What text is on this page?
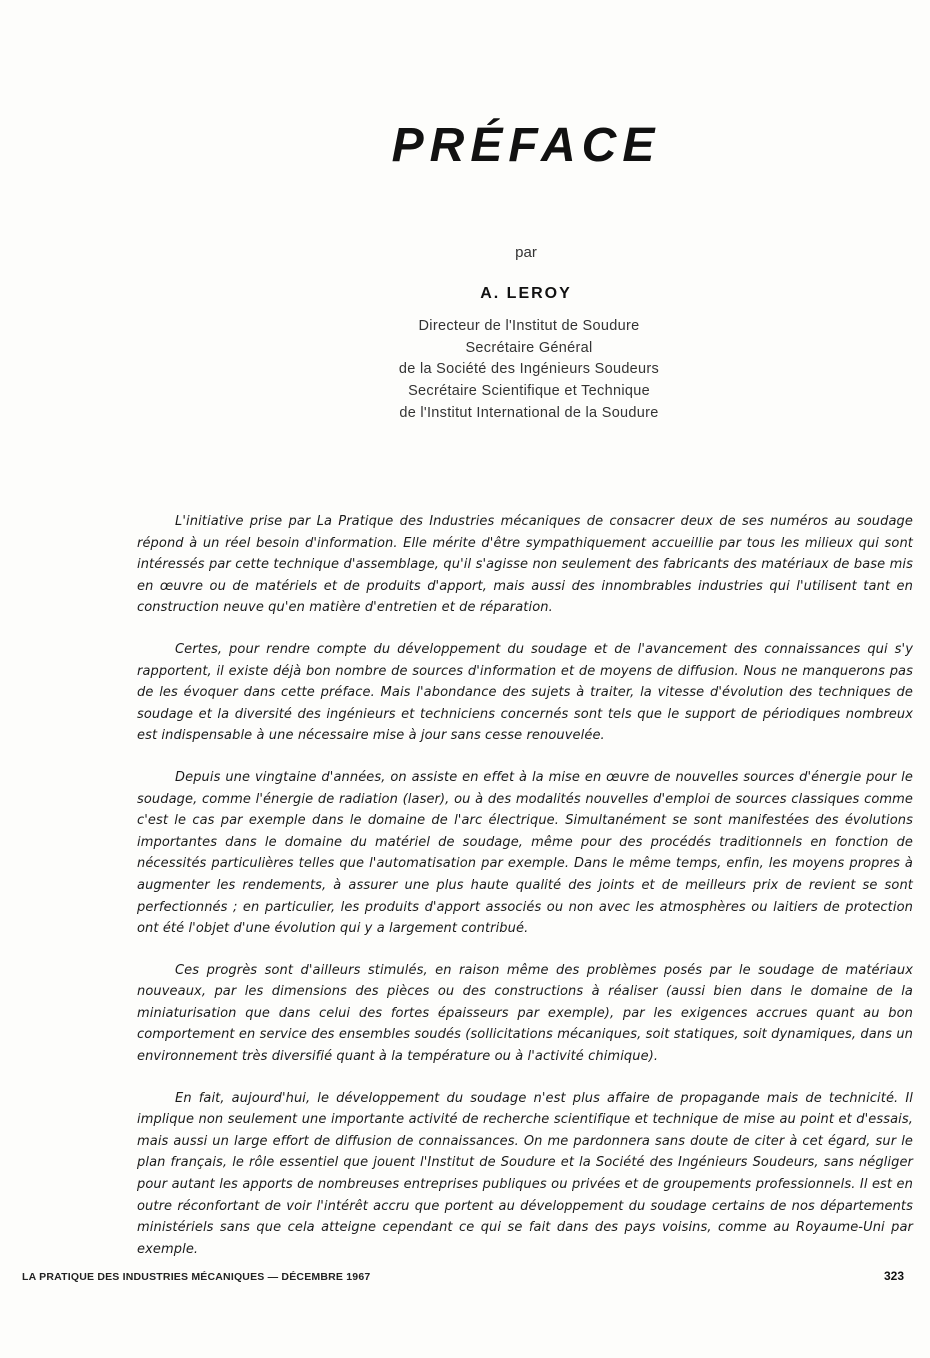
PRÉFACE
par
A. LEROY
Directeur de l'Institut de Soudure
Secrétaire Général
de la Société des Ingénieurs Soudeurs
Secrétaire Scientifique et Technique
de l'Institut International de la Soudure

L'initiative prise par La Pratique des Industries mécaniques de consacrer deux de ses numéros au soudage répond à un réel besoin d'information. Elle mérite d'être sympathiquement accueillie par tous les milieux qui sont intéressés par cette technique d'assemblage, qu'il s'agisse non seulement des fabricants des matériaux de base mis en œuvre ou de matériels et de produits d'apport, mais aussi des innombrables industries qui l'utilisent tant en construction neuve qu'en matière d'entretien et de réparation.

Certes, pour rendre compte du développement du soudage et de l'avancement des connaissances qui s'y rapportent, il existe déjà bon nombre de sources d'information et de moyens de diffusion. Nous ne manquerons pas de les évoquer dans cette préface. Mais l'abondance des sujets à traiter, la vitesse d'évolution des techniques de soudage et la diversité des ingénieurs et techniciens concernés sont tels que le support de périodiques nombreux est indispensable à une nécessaire mise à jour sans cesse renouvelée.

Depuis une vingtaine d'années, on assiste en effet à la mise en œuvre de nouvelles sources d'énergie pour le soudage, comme l'énergie de radiation (laser), ou à des modalités nouvelles d'emploi de sources classiques comme c'est le cas par exemple dans le domaine de l'arc électrique. Simultanément se sont manifestées des évolutions importantes dans le domaine du matériel de soudage, même pour des procédés traditionnels en fonction de nécessités particulières telles que l'automatisation par exemple. Dans le même temps, enfin, les moyens propres à augmenter les rendements, à assurer une plus haute qualité des joints et de meilleurs prix de revient se sont perfectionnés ; en particulier, les produits d'apport associés ou non avec les atmosphères ou laitiers de protection ont été l'objet d'une évolution qui y a largement contribué.

Ces progrès sont d'ailleurs stimulés, en raison même des problèmes posés par le soudage de matériaux nouveaux, par les dimensions des pièces ou des constructions à réaliser (aussi bien dans le domaine de la miniaturisation que dans celui des fortes épaisseurs par exemple), par les exigences accrues quant au bon comportement en service des ensembles soudés (sollicitations mécaniques, soit statiques, soit dynamiques, dans un environnement très diversifié quant à la température ou à l'activité chimique).

En fait, aujourd'hui, le développement du soudage n'est plus affaire de propagande mais de technicité. Il implique non seulement une importante activité de recherche scientifique et technique de mise au point et d'essais, mais aussi un large effort de diffusion de connaissances. On me pardonnera sans doute de citer à cet égard, sur le plan français, le rôle essentiel que jouent l'Institut de Soudure et la Société des Ingénieurs Soudeurs, sans négliger pour autant les apports de nombreuses entreprises publiques ou privées et de groupements professionnels. Il est en outre réconfortant de voir l'intérêt accru que portent au développement du soudage certains de nos départements ministériels sans que cela atteigne cependant ce qui se fait dans des pays voisins, comme au Royaume-Uni par exemple.

LA PRATIQUE DES INDUSTRIES MÉCANIQUES — DÉCEMBRE 1967	323
